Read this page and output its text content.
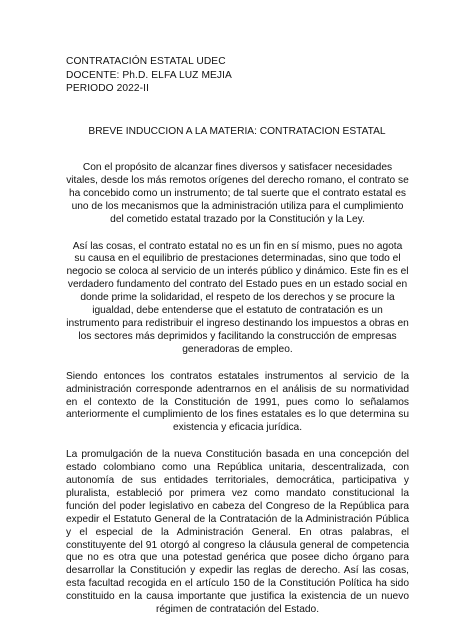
CONTRATACIÓN ESTATAL UDEC
DOCENTE: Ph.D. ELFA LUZ MEJIA
PERIODO 2022-II
BREVE INDUCCION A LA MATERIA: CONTRATACION ESTATAL

Con el propósito de alcanzar fines diversos y satisfacer necesidades vitales, desde los más remotos orígenes del derecho romano, el contrato se ha concebido como un instrumento; de tal suerte que el contrato estatal es uno de los mecanismos que la administración utiliza para el cumplimiento del cometido estatal trazado por la Constitución y la Ley.

Así las cosas, el contrato estatal no es un fin en sí mismo, pues no agota su causa en el equilibrio de prestaciones determinadas, sino que todo el negocio se coloca al servicio de un interés público y dinámico. Este fin es el verdadero fundamento del contrato del Estado pues en un estado social en donde prime la solidaridad, el respeto de los derechos y se procure la igualdad, debe entenderse que el estatuto de contratación es un instrumento para redistribuir el ingreso destinando los impuestos a obras en los sectores más deprimidos y facilitando la construcción de empresas generadoras de empleo.

Siendo entonces los contratos estatales instrumentos al servicio de la administración corresponde adentrarnos en el análisis de su normatividad en el contexto de la Constitución de 1991, pues como lo señalamos anteriormente el cumplimiento de los fines estatales es lo que determina su existencia y eficacia jurídica.

La promulgación de la nueva Constitución basada en una concepción del estado colombiano como una República unitaria, descentralizada, con autonomía de sus entidades territoriales, democrática, participativa y pluralista, estableció por primera vez como mandato constitucional la función del poder legislativo en cabeza del Congreso de la República para expedir el Estatuto General de la Contratación de la Administración Pública y el especial de la Administración General. En otras palabras, el constituyente del 91 otorgó al congreso la cláusula general de competencia que no es otra que una potestad genérica que posee dicho órgano para desarrollar la Constitución y expedir las reglas de derecho. Así las cosas, esta facultad recogida en el artículo 150 de la Constitución Política ha sido constituido en la causa importante que justifica la existencia de un nuevo régimen de contratación del Estado.
